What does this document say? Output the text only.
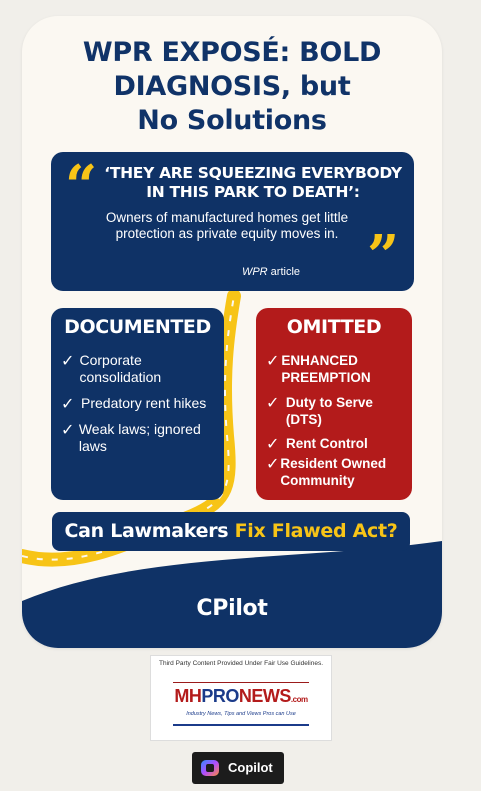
WPR EXPOSÉ: BOLD
DIAGNOSIS, but
No Solutions
“ ‘THEY ARE SQUEEZING EVERYBODY IN THIS PARK TO DEATH’:
Owners of manufactured homes get little protection as private equity moves in. ”
WPR article
DOCUMENTED
✓ Corporate consolidation
✓ Predatory rent hikes
✓ Weak laws; ignored laws
OMITTED
✓ ENHANCED PREEMPTION
✓ Duty to Serve (DTS)
✓ Rent Control
✓ Resident Owned Community
Can Lawmakers Fix Flawed Act?
CPilot
Third Party Content Provided Under Fair Use Guidelines.
MHPRONEWS.com
Industry News, Tips and Views Pros can Use
Copilot
